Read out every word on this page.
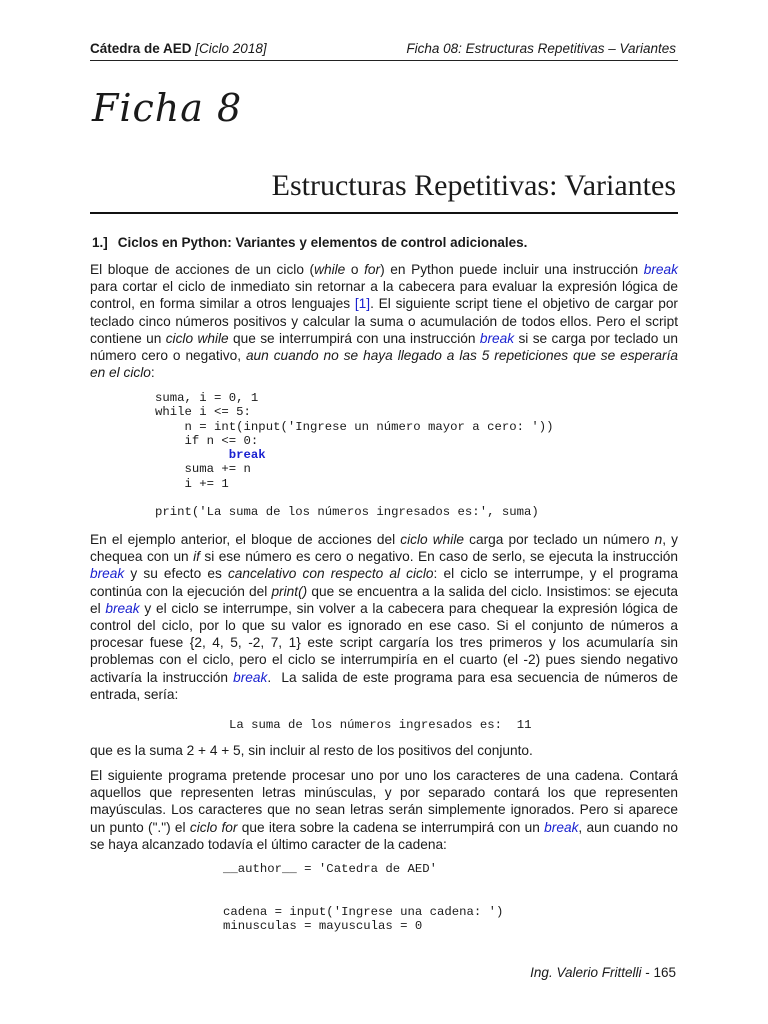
Cátedra de AED [Ciclo 2018]	Ficha 08: Estructuras Repetitivas – Variantes
Ficha 8
Estructuras Repetitivas: Variantes
1.] Ciclos en Python: Variantes y elementos de control adicionales.
El bloque de acciones de un ciclo (while o for) en Python puede incluir una instrucción break para cortar el ciclo de inmediato sin retornar a la cabecera para evaluar la expresión lógica de control, en forma similar a otros lenguajes [1]. El siguiente script tiene el objetivo de cargar por teclado cinco números positivos y calcular la suma o acumulación de todos ellos. Pero el script contiene un ciclo while que se interrumpirá con una instrucción break si se carga por teclado un número cero o negativo, aun cuando no se haya llegado a las 5 repeticiones que se esperaría en el ciclo:
suma, i = 0, 1
while i <= 5:
n = int(input('Ingrese un número mayor a cero: '))
if n <= 0:
break
suma += n
i += 1

print('La suma de los números ingresados es:', suma)
En el ejemplo anterior, el bloque de acciones del ciclo while carga por teclado un número n, y chequea con un if si ese número es cero o negativo. En caso de serlo, se ejecuta la instrucción break y su efecto es cancelativo con respecto al ciclo: el ciclo se interrumpe, y el programa continúa con la ejecución del print() que se encuentra a la salida del ciclo. Insistimos: se ejecuta el break y el ciclo se interrumpe, sin volver a la cabecera para chequear la expresión lógica de control del ciclo, por lo que su valor es ignorado en ese caso. Si el conjunto de números a procesar fuese {2, 4, 5, -2, 7, 1} este script cargaría los tres primeros y los acumularía sin problemas con el ciclo, pero el ciclo se interrumpiría en el cuarto (el -2) pues siendo negativo activaría la instrucción break.  La salida de este programa para esa secuencia de números de entrada, sería:
La suma de los números ingresados es:  11
que es la suma 2 + 4 + 5, sin incluir al resto de los positivos del conjunto.
El siguiente programa pretende procesar uno por uno los caracteres de una cadena. Contará aquellos que representen letras minúsculas, y por separado contará los que representen mayúsculas. Los caracteres que no sean letras serán simplemente ignorados. Pero si aparece un punto (".") el ciclo for que itera sobre la cadena se interrumpirá con un break, aun cuando no se haya alcanzado todavía el último caracter de la cadena:
__author__ = 'Catedra de AED'

cadena = input('Ingrese una cadena: ')
minusculas = mayusculas = 0
Ing. Valerio Frittelli - 165
